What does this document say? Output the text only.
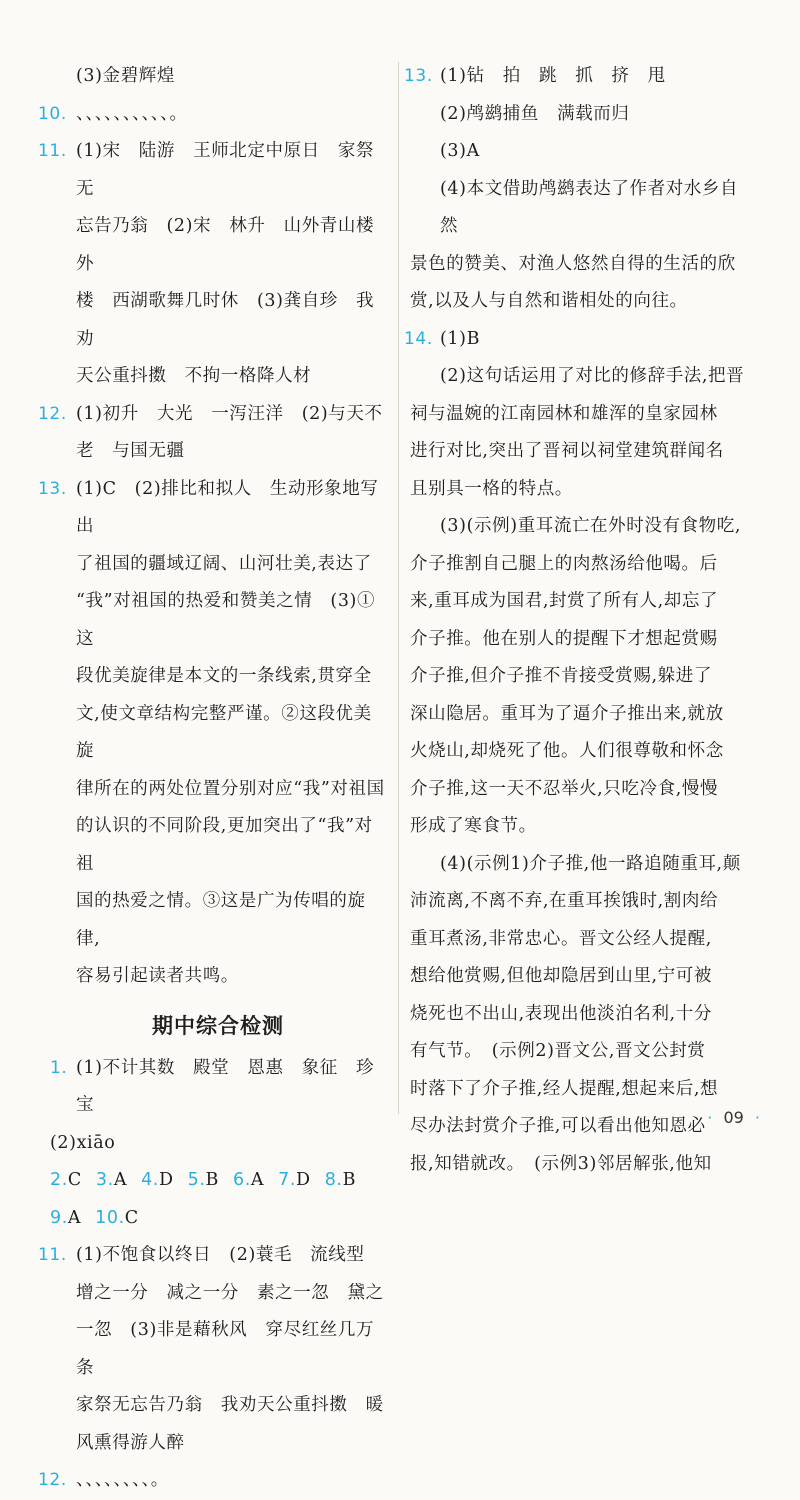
(3)金碧辉煌
10. 、、、、、、、、、、。
11. (1)宋　陆游　王师北定中原日　家祭无
忘告乃翁　(2)宋　林升　山外青山楼外
楼　西湖歌舞几时休　(3)龚自珍　我劝
天公重抖擞　不拘一格降人材
12. (1)初升　大光　一泻汪洋　(2)与天不
老　与国无疆
13. (1)C　(2)排比和拟人　生动形象地写出
了祖国的疆域辽阔、山河壮美,表达了
“我”对祖国的热爱和赞美之情　(3)①这
段优美旋律是本文的一条线索,贯穿全
文,使文章结构完整严谨。②这段优美旋
律所在的两处位置分别对应“我”对祖国
的认识的不同阶段,更加突出了“我”对祖
国的热爱之情。③这是广为传唱的旋律,
容易引起读者共鸣。
期中综合检测
1. (1)不计其数　殿堂　恩惠　象征　珍宝
(2)xiāo
2.C 3.A 4.D 5.B 6.A 7.D 8.B
9.A 10.C
11. (1)不饱食以终日　(2)蓑毛　流线型
增之一分　减之一分　素之一忽　黛之
一忽　(3)非是藉秋风　穿尽红丝几万条
家祭无忘告乃翁　我劝天公重抖擞　暖
风熏得游人醉
12. 、、、、、、、、。
13. (1)钻　拍　跳　抓　挤　甩
(2)鸬鹚捕鱼　满载而归
(3)A
(4)本文借助鸬鹚表达了作者对水乡自然
景色的赞美、对渔人悠然自得的生活的欣
赏,以及人与自然和谐相处的向往。
14. (1)B
(2)这句话运用了对比的修辞手法,把晋
祠与温婉的江南园林和雄浑的皇家园林
进行对比,突出了晋祠以祠堂建筑群闻名
且别具一格的特点。
(3)(示例)重耳流亡在外时没有食物吃,
介子推割自己腿上的肉熬汤给他喝。后
来,重耳成为国君,封赏了所有人,却忘了
介子推。他在别人的提醒下才想起赏赐
介子推,但介子推不肯接受赏赐,躲进了
深山隐居。重耳为了逼介子推出来,就放
火烧山,却烧死了他。人们很尊敬和怀念
介子推,这一天不忍举火,只吃冷食,慢慢
形成了寒食节。
(4)(示例1)介子推,他一路追随重耳,颠
沛流离,不离不弃,在重耳挨饿时,割肉给
重耳煮汤,非常忠心。晋文公经人提醒,
想给他赏赐,但他却隐居到山里,宁可被
烧死也不出山,表现出他淡泊名利,十分
有气节。　(示例2)晋文公,晋文公封赏
时落下了介子推,经人提醒,想起来后,想
尽办法封赏介子推,可以看出他知恩必
报,知错就改。　(示例3)邻居解张,他知
· 09 ·
